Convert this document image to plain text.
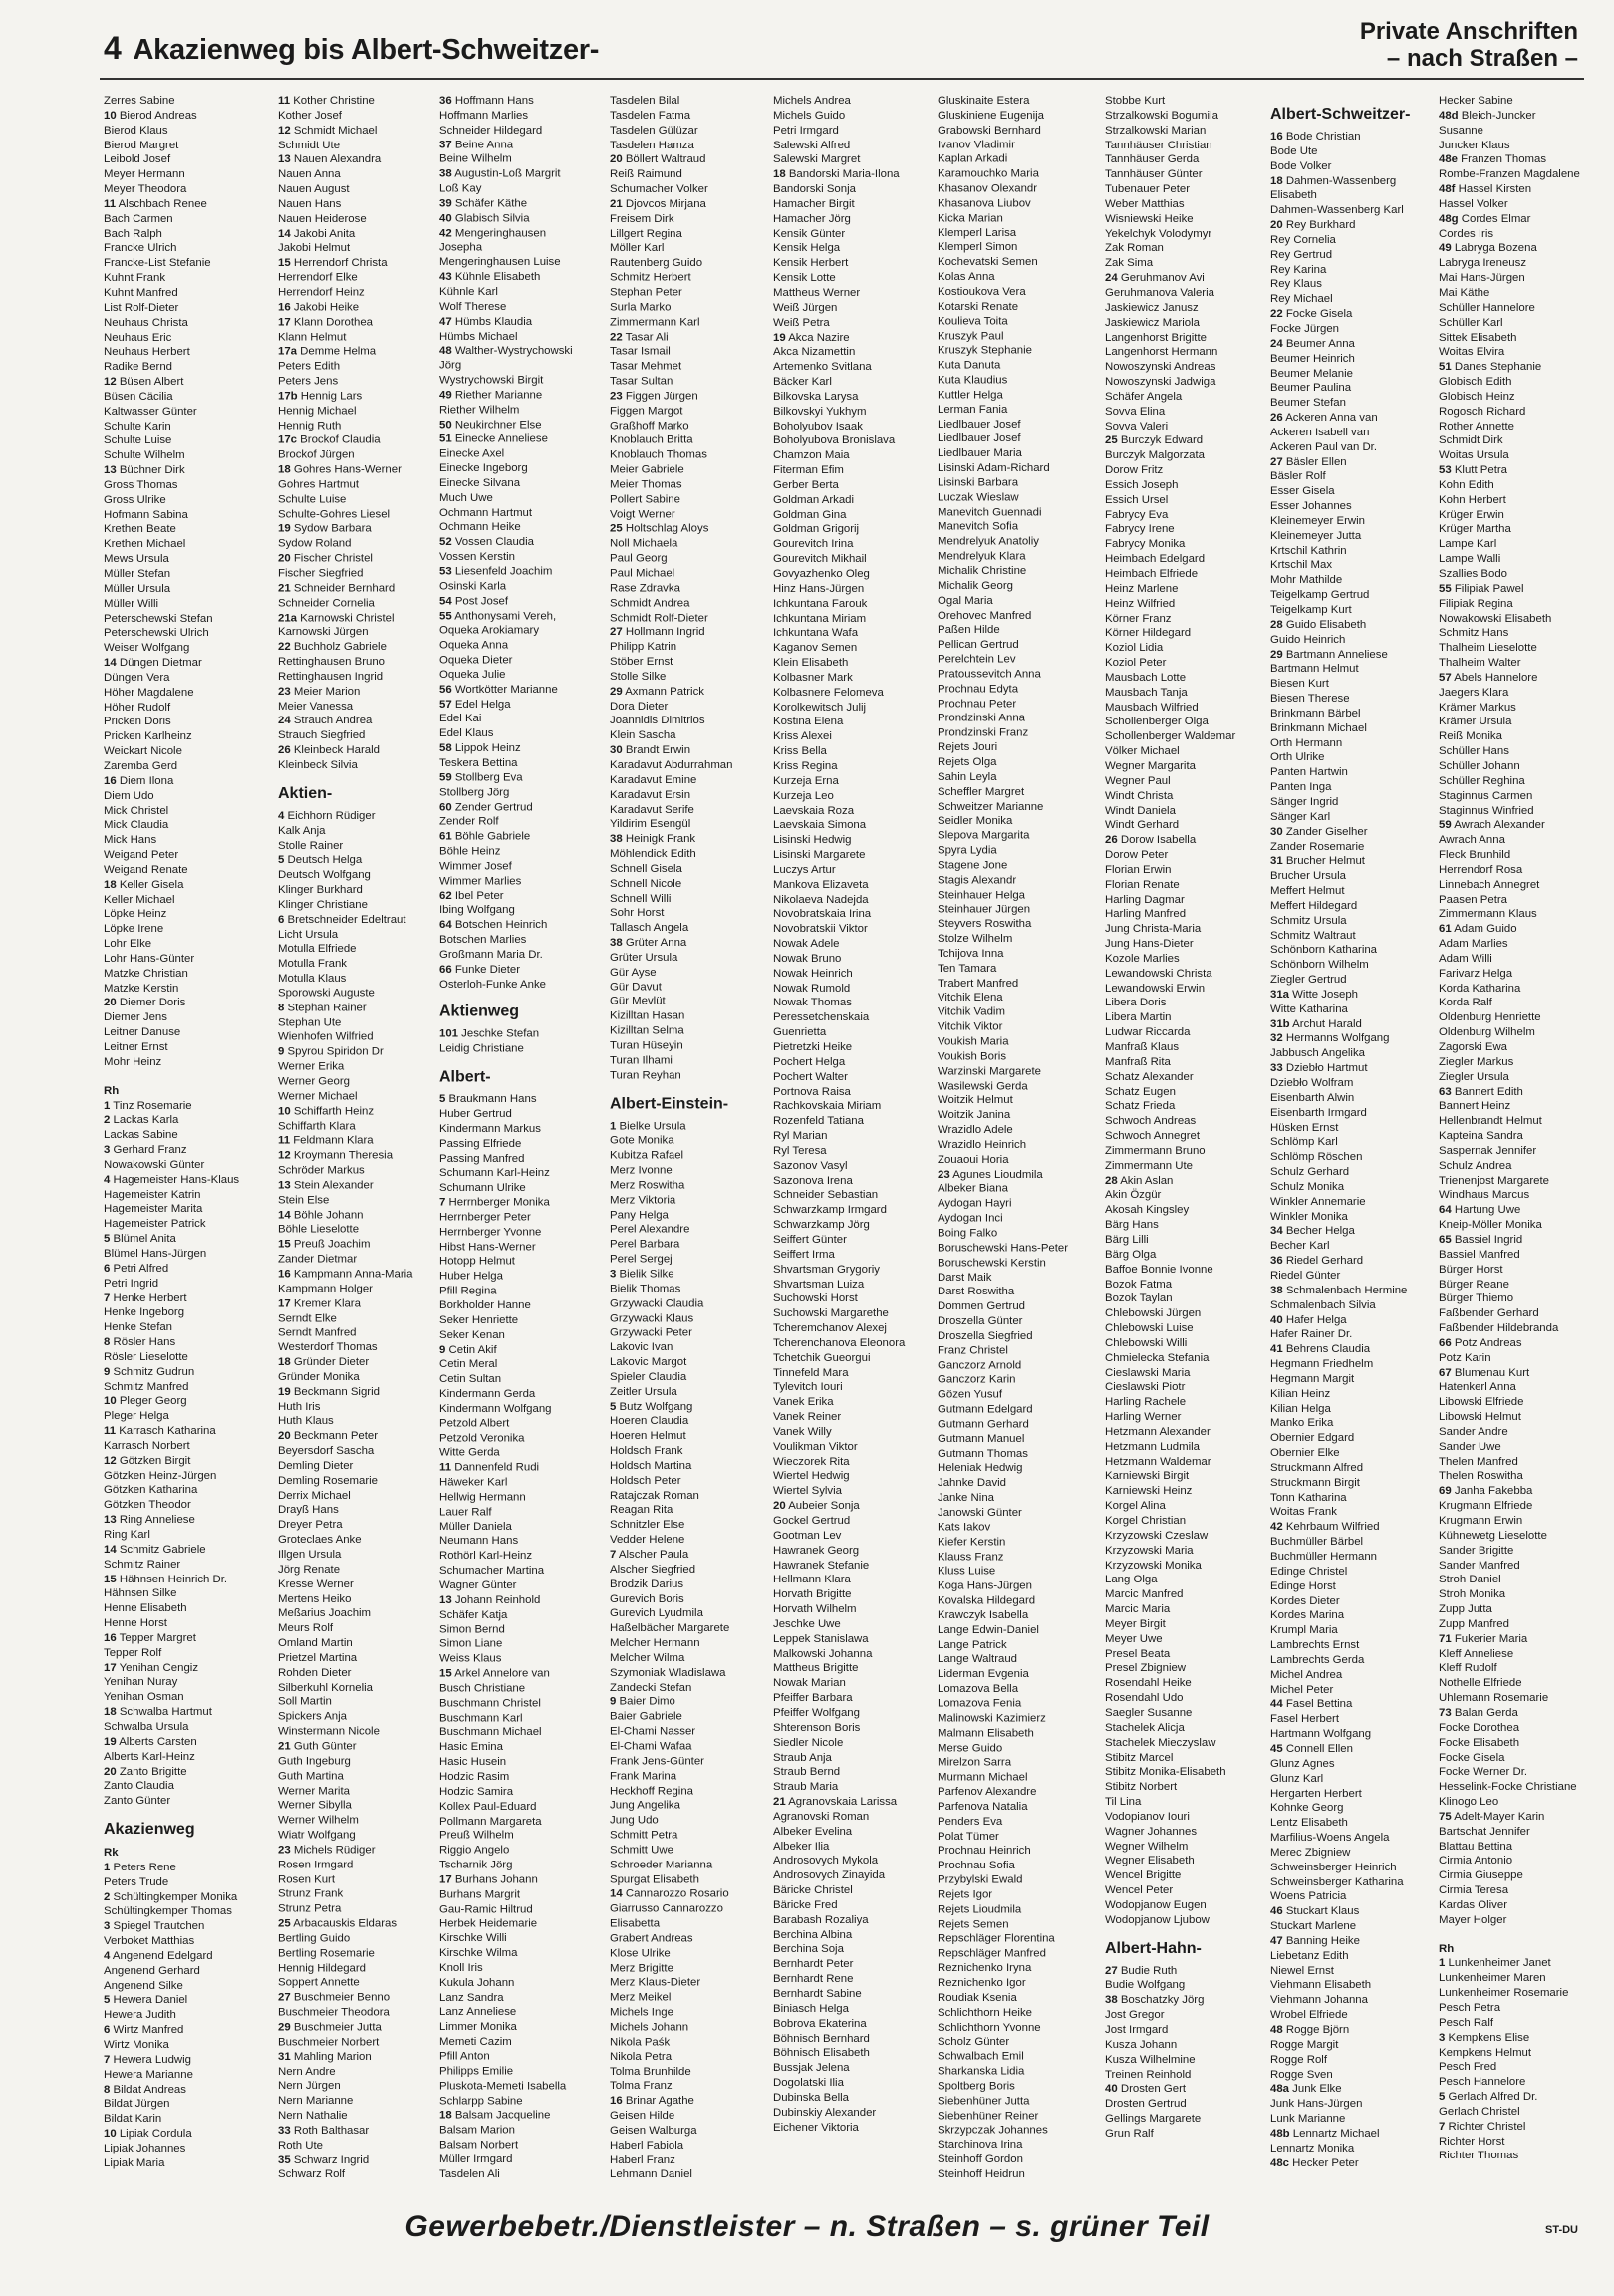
4 Akazienweg bis Albert-Schweitzer-
Private Anschriften
– nach Straßen –
Zerres Sabine
10 Bierod Andreas
Bierod Klaus
Bierod Margret
Leibold Josef
Meyer Hermann
Meyer Theodora
11 Alschbach Renee
Bach Carmen
Bach Ralph
Francke Ulrich
Francke-List Stefanie
Kuhnt Frank
Kuhnt Manfred
List Rolf-Dieter
Neuhaus Christa
Neuhaus Eric
Neuhaus Herbert
Radike Bernd
12 Büsen Albert
Büsen Cäcilia
Kaltwasser Günter
Schulte Karin
Schulte Luise
Schulte Wilhelm
13 Büchner Dirk
Gross Thomas
Gross Ulrike
Hofmann Sabina
Krethen Beate
Krethen Michael
Mews Ursula
Müller Stefan
Müller Ursula
Müller Willi
Peterschewski Stefan
Peterschewski Ulrich
Weiser Wolfgang
14 Düngen Dietmar
Düngen Vera
Höher Magdalene
Höher Rudolf
Pricken Doris
Pricken Karlheinz
Weickart Nicole
Zaremba Gerd
16 Diem Ilona
Diem Udo
Mick Christel
Mick Claudia
Mick Hans
Weigand Peter
Weigand Renate
18 Keller Gisela
Keller Michael
Löpke Heinz
Löpke Irene
Lohr Elke
Lohr Hans-Günter
Matzke Christian
Matzke Kerstin
20 Diemer Doris
Diemer Jens
Leitner Danuse
Leitner Ernst
Mohr Heinz
Rh
1 Tinz Rosemarie
2 Lackas Karla
Lackas Sabine
3 Gerhard Franz
Nowakowski Günter
4 Hagemeister Hans-Klaus
Hagemeister Katrin
Hagemeister Marita
Hagemeister Patrick
5 Blümel Anita
Blümel Hans-Jürgen
6 Petri Alfred
Petri Ingrid
7 Henke Herbert
Henke Ingeborg
Henke Stefan
8 Rösler Hans
Rösler Lieselotte
9 Schmitz Gudrun
Schmitz Manfred
10 Pleger Georg
Pleger Helga
11 Karrasch Katharina
Karrasch Norbert
12 Götzken Birgit
Götzken Heinz-Jürgen
Götzken Katharina
Götzken Theodor
13 Ring Anneliese
Ring Karl
14 Schmitz Gabriele
Schmitz Rainer
15 Hähnsen Heinrich Dr.
Hähnsen Silke
Henne Elisabeth
Henne Horst
16 Tepper Margret
Tepper Rolf
17 Yenihan Cengiz
Yenihan Nuray
Yenihan Osman
18 Schwalba Hartmut
Schwalba Ursula
19 Alberts Carsten
Alberts Karl-Heinz
20 Zanto Brigitte
Zanto Claudia
Zanto Günter
Akazienweg
Rk
1 Peters Rene
Peters Trude
2 Schültingkemper Monika
Schültingkemper Thomas
3 Spiegel Trautchen
Verboket Matthias
4 Angenend Edelgard
Angenend Gerhard
Angenend Silke
5 Hewera Daniel
Hewera Judith
6 Wirtz Manfred
Wirtz Monika
7 Hewera Ludwig
Hewera Marianne
8 Bildat Andreas
Bildat Jürgen
Bildat Karin
10 Lipiak Cordula
Lipiak Johannes
Lipiak Maria
11 Kother Christine
Kother Josef
12 Schmidt Michael
Schmidt Ute
13 Nauen Alexandra
Nauen Anna
Nauen August
Nauen Hans
Nauen Heiderose
14 Jakobi Anita
Jakobi Helmut
15 Herrendorf Christa
Herrendorf Elke
Herrendorf Heinz
16 Jakobi Heike
17 Klann Dorothea
Klann Helmut
17a Demme Helma
Peters Edith
Peters Jens
17b Hennig Lars
Hennig Michael
Hennig Ruth
17c Brockof Claudia
Brockof Jürgen
18 Gohres Hans-Werner
Gohres Hartmut
Schulte Luise
Schulte-Gohres Liesel
19 Sydow Barbara
Sydow Roland
20 Fischer Christel
Fischer Siegfried
21 Schneider Bernhard
Schneider Cornelia
21a Karnowski Christel
Karnowski Jürgen
22 Buchholz Gabriele
Rettinghausen Bruno
Rettinghausen Ingrid
23 Meier Marion
Meier Vanessa
24 Strauch Andrea
Strauch Siegfried
26 Kleinbeck Harald
Kleinbeck Silvia
Aktien-
4 Eichhorn Rüdiger
Kalk Anja
Stolle Rainer
5 Deutsch Helga
Deutsch Wolfgang
Klinger Burkhard
Klinger Christiane
6 Bretschneider Edeltraut
Licht Ursula
Motulla Elfriede
Motulla Frank
Motulla Klaus
Sporowski Auguste
8 Stephan Rainer
Stephan Ute
Wienhofen Wilfried
9 Spyrou Spiridon Dr
Werner Erika
Werner Georg
Werner Michael
10 Schiffarth Heinz
Schiffarth Klara
11 Feldmann Klara
12 Kroymann Theresia
Schröder Markus
13 Stein Alexander
Stein Else
14 Böhle Johann
Böhle Lieselotte
15 Preuß Joachim
Zander Dietmar
16 Kampmann Anna-Maria
Kampmann Holger
17 Kremer Klara
Serndt Elke
Serndt Manfred
Westerdorf Thomas
18 Gründer Dieter
Gründer Monika
19 Beckmann Sigrid
Huth Iris
Huth Klaus
20 Beckmann Peter
Beyersdorf Sascha
Demling Dieter
Demling Rosemarie
Derrix Michael
Drayß Hans
Dreyer Petra
Groteclaes Anke
Illgen Ursula
Jörg Renate
Kresse Werner
Mertens Heiko
Meßarius Joachim
Meurs Rolf
Omland Martin
Prietzel Martina
Rohden Dieter
Silberkuhl Kornelia
Soll Martin
Spickers Anja
Winstermann Nicole
21 Guth Günter
Guth Ingeburg
Guth Martina
Werner Marita
Werner Sibylla
Werner Wilhelm
Wiatr Wolfgang
23 Michels Rüdiger
Rosen Irmgard
Rosen Kurt
Strunz Frank
Strunz Petra
25 Arbacauskis Eldaras
Bertling Guido
Bertling Rosemarie
Hennig Hildegard
Soppert Annette
27 Buschmeier Benno
Buschmeier Theodora
29 Buschmeier Jutta
Buschmeier Norbert
31 Mahling Marion
Nern Andre
Nern Jürgen
Nern Marianne
Nern Nathalie
33 Roth Balthasar
Roth Ute
35 Schwarz Ingrid
Schwarz Rolf
36 Hoffmann Hans
Hoffmann Marlies
Schneider Hildegard
37 Beine Anna
Beine Wilhelm
38 Augustin-Loß Margrit
Loß Kay
39 Schäfer Käthe
40 Glabisch Silvia
42 Mengeringhausen
Josepha
Mengeringhausen Luise
43 Kühnle Elisabeth
Kühnle Karl
Wolf Therese
47 Hümbs Klaudia
Hümbs Michael
48 Walther-Wystrychowski
Jörg
Wystrychowski Birgit
49 Riether Marianne
Riether Wilhelm
50 Neukirchner Else
51 Einecke Anneliese
Einecke Axel
Einecke Ingeborg
Einecke Silvana
Much Uwe
Ochmann Hartmut
Ochmann Heike
52 Vossen Claudia
Vossen Kerstin
53 Liesenfeld Joachim
Osinski Karla
54 Post Josef
55 Anthonysami Vereh,
Oqueka Arokiamary
Oqueka Anna
Oqueka Dieter
Oqueka Julie
56 Wortkötter Marianne
57 Edel Helga
Edel Kai
Edel Klaus
58 Lippok Heinz
Teskera Bettina
59 Stollberg Eva
Stollberg Jörg
60 Zender Gertrud
Zender Rolf
61 Böhle Gabriele
Böhle Heinz
Wimmer Josef
Wimmer Marlies
62 Ibel Peter
Ibing Wolfgang
64 Botschen Heinrich
Botschen Marlies
Großmann Maria Dr.
66 Funke Dieter
Osterloh-Funke Anke
Aktienweg
101 Jeschke Stefan
Leidig Christiane
Albert-
5 Braukmann Hans
Huber Gertrud
Kindermann Markus
Passing Elfriede
Passing Manfred
Schumann Karl-Heinz
Schumann Ulrike
7 Herrnberger Monika
Herrnberger Peter
Herrnberger Yvonne
Hibst Hans-Werner
Hotopp Helmut
Huber Helga
Pfill Regina
Borkholder Hanne
Seker Henriette
Seker Kenan
9 Cetin Akif
Cetin Meral
Cetin Sultan
Kindermann Gerda
Kindermann Wolfgang
Petzold Albert
Petzold Veronika
Witte Gerda
11 Dannenfeld Rudi
Häweker Karl
Hellwig Hermann
Lauer Ralf
Müller Daniela
Neumann Hans
Rothörl Karl-Heinz
Schumacher Martina
Wagner Günter
13 Johann Reinhold
Schäfer Katja
Simon Bernd
Simon Liane
Weiss Klaus
15 Arkel Annelore van
Busch Christiane
Buschmann Christel
Buschmann Karl
Buschmann Michael
Hasic Emina
Hasic Husein
Hodzic Rasim
Hodzic Samira
Kollex Paul-Eduard
Pollmann Margareta
Preuß Wilhelm
Riggio Angelo
Tscharnik Jörg
17 Burhans Johann
Burhans Margrit
Gau-Ramic Hiltrud
Herbek Heidemarie
Kirschke Willi
Kirschke Wilma
Knoll Iris
Kukula Johann
Lanz Sandra
Lanz Anneliese
Limmer Monika
Memeti Cazim
Pfill Anton
Philipps Emilie
Pluskota-Memeti Isabella
Schlarpp Sabine
18 Balsam Jacqueline
Balsam Marion
Balsam Norbert
Müller Irmgard
Tasdelen Ali
Tasdelen Bilal
Tasdelen Fatma
Tasdelen Gülüzar
Tasdelen Hamza
20 Böllert Waltraud
Reiß Raimund
Schumacher Volker
21 Djovcos Mirjana
Freisem Dirk
Lillgert Regina
Möller Karl
Rautenberg Guido
Schmitz Herbert
Stephan Peter
Surla Marko
Zimmermann Karl
22 Tasar Ali
Tasar Ismail
Tasar Mehmet
Tasar Sultan
23 Figgen Jürgen
Figgen Margot
Graßhoff Marko
Knoblauch Britta
Knoblauch Thomas
Meier Gabriele
Meier Thomas
Pollert Sabine
Voigt Werner
25 Holtschlag Aloys
Noll Michaela
Paul Georg
Paul Michael
Rase Zdravka
Schmidt Andrea
Schmidt Rolf-Dieter
27 Hollmann Ingrid
Philipp Katrin
Stöber Ernst
Stolle Silke
29 Axmann Patrick
Dora Dieter
Joannidis Dimitrios
Klein Sascha
30 Brandt Erwin
Karadavut Abdurrahman
Karadavut Emine
Karadavut Ersin
Karadavut Serife
Yildirim Esengül
38 Heinigk Frank
Möhlendick Edith
Schnell Gisela
Schnell Nicole
Schnell Willi
Sohr Horst
Tallasch Angela
38 Grüter Anna
Grüter Ursula
Gür Ayse
Gür Davut
Gür Mevlüt
Kizilltan Hasan
Kizilltan Selma
Turan Hüseyin
Turan Ilhami
Turan Reyhan
Albert-Einstein-
1 Bielke Ursula
Gote Monika
Kubitza Rafael
Merz Ivonne
Merz Roswitha
Merz Viktoria
Pany Helga
Perel Alexandre
Perel Barbara
Perel Sergej
3 Bielik Silke
Bielik Thomas
Grzywacki Claudia
Grzywacki Klaus
Grzywacki Peter
Lakovic Ivan
Lakovic Margot
Spieler Claudia
Zeitler Ursula
5 Butz Wolfgang
Hoeren Claudia
Hoeren Helmut
Holdsch Frank
Holdsch Martina
Holdsch Peter
Ratajczak Roman
Reagan Rita
Schnitzler Else
Vedder Helene
7 Alscher Paula
Alscher Siegfried
Brodzik Darius
Gurevich Boris
Gurevich Lyudmila
Haßelbächer Margarete
Melcher Hermann
Melcher Wilma
Szymoniak Wladislawa
Zandecki Stefan
9 Baier Dimo
Baier Gabriele
El-Chami Nasser
El-Chami Wafaa
Frank Jens-Günter
Frank Marina
Heckhoff Regina
Jung Angelika
Jung Udo
Schmitt Petra
Schmitt Uwe
Schroeder Marianna
Spurgat Elisabeth
14 Cannarozzo Rosario
Giarrusso Cannarozzo
Elisabetta
Grabert Andreas
Klose Ulrike
Merz Brigitte
Merz Klaus-Dieter
Merz Meikel
Michels Inge
Michels Johann
Nikola Paśk
Nikola Petra
Tolma Brunhilde
Tolma Franz
16 Brinar Agathe
Geisen Hilde
Geisen Walburga
Haberl Fabiola
Haberl Franz
Lehmann Daniel
Michels Andrea
Michels Guido
Petri Irmgard
Salewski Alfred
Salewski Margret
18 Bandorski Maria-Ilona
Bandorski Sonja
Hamacher Birgit
Hamacher Jörg
Kensik Günter
Kensik Helga
Kensik Herbert
Kensik Lotte
Mattheus Werner
Weiß Jürgen
Weiß Petra
19 Akca Nazire
Akca Nizamettin
Artemenko Svitlana
Bäcker Karl
Bilkovska Larysa
Bilkovskyi Yukhym
Boholyubov Isaak
Boholyubova Bronislava
Chamzon Maia
Fiterman Efim
Gerber Berta
Goldman Arkadi
Goldman Gina
Goldman Grigorij
Gourevitch Irina
Gourevitch Mikhail
Govyazhenko Oleg
Hinz Hans-Jürgen
Ichkuntana Farouk
Ichkuntana Miriam
Ichkuntana Wafa
Kaganov Semen
Klein Elisabeth
Kolbasner Mark
Kolbasnere Felomeva
Korolkewitsch Julij
Kostina Elena
Kriss Alexei
Kriss Bella
Kriss Regina
Kurzeja Erna
Kurzeja Leo
Laevskaia Roza
Laevskaia Simona
Lisinski Hedwig
Lisinski Margarete
Luczys Artur
Mankova Elizaveta
Nikolaeva Nadejda
Novobratskaia Irina
Novobratskii Viktor
Nowak Adele
Nowak Bruno
Nowak Heinrich
Nowak Rumold
Nowak Thomas
Peressetchenskaia
Guenrietta
Pietretzki Heike
Pochert Helga
Pochert Walter
Portnova Raisa
Rachkovskaia Miriam
Rozenfeld Tatiana
Ryl Marian
Ryl Teresa
Sazonov Vasyl
Sazonova Irena
Schneider Sebastian
Schwarzkamp Irmgard
Schwarzkamp Jörg
Seiffert Günter
Seiffert Irma
Shvartsman Grygoriy
Shvartsman Luiza
Suchowski Horst
Suchowski Margarethe
Tcheremchanov Alexej
Tcherenchanova Eleonora
Tchetchik Gueorgui
Tinnefeld Mara
Tylevitch Iouri
Vanek Erika
Vanek Reiner
Vanek Willy
Voulikman Viktor
Wieczorek Rita
Wiertel Hedwig
Wiertel Sylvia
20 Aubeier Sonja
Gockel Gertrud
Gootman Lev
Hawranek Georg
Hawranek Stefanie
Hellmann Klara
Horvath Brigitte
Horvath Wilhelm
Jeschke Uwe
Leppek Stanislawa
Malkowski Johanna
Mattheus Brigitte
Nowak Marian
Pfeiffer Barbara
Pfeiffer Wolfgang
Shterenson Boris
Siedler Nicole
Straub Anja
Straub Bernd
Straub Maria
21 Agranovskaia Larissa
Agranovski Roman
Albeker Evelina
Albeker Ilia
Androsovych Mykola
Androsovych Zinayida
Bäricke Christel
Bäricke Fred
Barabash Rozaliya
Berchina Albina
Berchina Soja
Bernhardt Peter
Bernhardt Rene
Bernhardt Sabine
Biniasch Helga
Bobrova Ekaterina
Böhnisch Bernhard
Böhnisch Elisabeth
Bussjak Jelena
Dogolatski Ilia
Dubinska Bella
Dubinskiy Alexander
Eichener Viktoria
Gluskinaite Estera
Gluskiniene Eugenija
Grabowski Bernhard
Ivanov Vladimir
Kaplan Arkadi
Karamouchko Maria
Khasanov Olexandr
Khasanova Liubov
Kicka Marian
Klemperl Larisa
Klemperl Simon
Kochevatski Semen
Kolas Anna
Kostioukova Vera
Kotarski Renate
Koulieva Toita
Kruszyk Paul
Kruszyk Stephanie
Kuta Danuta
Kuta Klaudius
Kuttler Helga
Lerman Fania
Liedlbauer Josef
Liedlbauer Josef
Liedlbauer Maria
Lisinski Adam-Richard
Lisinski Barbara
Luczak Wieslaw
Manevitch Guennadi
Manevitch Sofia
Mendrelyuk Anatoliy
Mendrelyuk Klara
Michalik Christine
Michalik Georg
Ogal Maria
Orehovec Manfred
Paßen Hilde
Pellican Gertrud
Perelchtein Lev
Pratoussevitch Anna
Prochnau Edyta
Prochnau Peter
Prondzinski Anna
Prondzinski Franz
Rejets Jouri
Rejets Olga
Sahin Leyla
Scheffler Margret
Schweitzer Marianne
Seidler Monika
Slepova Margarita
Spyra Lydia
Stagene Jone
Stagis Alexandr
Steinhauer Helga
Steinhauer Jürgen
Steyvers Roswitha
Stolze Wilhelm
Tchijova Inna
Ten Tamara
Trabert Manfred
Vitchik Elena
Vitchik Vadim
Vitchik Viktor
Voukish Maria
Voukish Boris
Warzinski Margarete
Wasilewski Gerda
Woitzik Helmut
Woitzik Janina
Wrazidlo Adele
Wrazidlo Heinrich
Zouaoui Horia
23 Agunes Lioudmila
Albeker Biana
Aydogan Hayri
Aydogan Inci
Boing Falko
Boruschewski Hans-Peter
Boruschewski Kerstin
Darst Maik
Darst Roswitha
Dommen Gertrud
Droszella Günter
Droszella Siegfried
Franz Christel
Ganczorz Arnold
Ganczorz Karin
Gözen Yusuf
Gutmann Edelgard
Gutmann Gerhard
Gutmann Manuel
Gutmann Thomas
Heleniak Hedwig
Jahnke David
Janke Nina
Janowski Günter
Kats Iakov
Kiefer Kerstin
Klauss Franz
Kluss Luise
Koga Hans-Jürgen
Kovalska Hildegard
Krawczyk Isabella
Lange Edwin-Daniel
Lange Patrick
Lange Waltraud
Liderman Evgenia
Lomazova Bella
Lomazova Fenia
Malinowski Kazimierz
Malmann Elisabeth
Merse Guido
Mirelzon Sarra
Murmann Michael
Parfenov Alexandre
Parfenova Natalia
Penders Eva
Polat Tümer
Prochnau Heinrich
Prochnau Sofia
Przybylski Ewald
Rejets Igor
Rejets Lioudmila
Rejets Semen
Repschläger Florentina
Repschläger Manfred
Reznichenko Iryna
Reznichenko Igor
Roudiak Ksenia
Schlichthorn Heike
Schlichthorn Yvonne
Scholz Günter
Schwalbach Emil
Sharkanska Lidia
Spoltberg Boris
Siebenhüner Jutta
Siebenhüner Reiner
Skrzypczak Johannes
Starchinova Irina
Steinhoff Gordon
Steinhoff Heidrun
Stobbe Kurt
Strzalkowski Bogumila
Strzalkowski Marian
Tannhäuser Christian
Tannhäuser Gerda
Tannhäuser Günter
Tubenauer Peter
Weber Matthias
Wisniewski Heike
Yekelchyk Volodymyr
Zak Roman
Zak Sima
24 Geruhmanov Avi
Geruhmanova Valeria
Jaskiewicz Janusz
Jaskiewicz Mariola
Langenhorst Brigitte
Langenhorst Hermann
Nowoszynski Andreas
Nowoszynski Jadwiga
Schäfer Angela
Sovva Elina
Sovva Valeri
25 Burczyk Edward
Burczyk Malgorzata
Dorow Fritz
Essich Joseph
Essich Ursel
Fabrycy Eva
Fabrycy Irene
Fabrycy Monika
Heimbach Edelgard
Heimbach Elfriede
Heinz Marlene
Heinz Wilfried
Körner Franz
Körner Hildegard
Koziol Lidia
Koziol Peter
Mausbach Lotte
Mausbach Tanja
Mausbach Wilfried
Schollenberger Olga
Schollenberger Waldemar
Völker Michael
Wegner Margarita
Wegner Paul
Windt Christa
Windt Daniela
Windt Gerhard
26 Dorow Isabella
Dorow Peter
Florian Erwin
Florian Renate
Harling Dagmar
Harling Manfred
Jung Christa-Maria
Jung Hans-Dieter
Kozole Marlies
Lewandowski Christa
Lewandowski Erwin
Libera Doris
Libera Martin
Ludwar Riccarda
Manfraß Klaus
Manfraß Rita
Schatz Alexander
Schatz Eugen
Schatz Frieda
Schwoch Andreas
Schwoch Annegret
Zimmermann Bruno
Zimmermann Ute
28 Akin Aslan
Akin Özgür
Akosah Kingsley
Bärg Hans
Bärg Lilli
Bärg Olga
Baffoe Bonnie Ivonne
Bozok Fatma
Bozok Taylan
Chlebowski Jürgen
Chlebowski Luise
Chlebowski Willi
Chmielecka Stefania
Cieslawski Maria
Cieslawski Piotr
Harling Rachele
Harling Werner
Hetzmann Alexander
Hetzmann Ludmila
Hetzmann Waldemar
Karniewski Birgit
Karniewski Heinz
Korgel Alina
Korgel Christian
Krzyzowski Czeslaw
Krzyzowski Maria
Krzyzowski Monika
Lang Olga
Marcic Manfred
Marcic Maria
Meyer Birgit
Meyer Uwe
Presel Beata
Presel Zbigniew
Rosendahl Heike
Rosendahl Udo
Saegler Susanne
Stachelek Alicja
Stachelek Mieczyslaw
Stibitz Marcel
Stibitz Monika-Elisabeth
Stibitz Norbert
Til Lina
Vodopianov Iouri
Wagner Johannes
Wegner Wilhelm
Wegner Elisabeth
Wencel Brigitte
Wencel Peter
Wodopjanow Eugen
Wodopjanow Ljubow
Albert-Hahn-
27 Budie Ruth
Budie Wolfgang
38 Boschatzky Jörg
Jost Gregor
Jost Irmgard
Kusza Johann
Kusza Wilhelmine
Treinen Reinhold
40 Drosten Gert
Drosten Gertrud
Gellings Margarete
Grun Ralf
Albert-Schweitzer-
16 Bode Christian
Bode Ute
Bode Volker
18 Dahmen-Wassenberg
Elisabeth
Dahmen-Wassenberg Karl
20 Rey Burkhard
Rey Cornelia
Rey Gertrud
Rey Karina
Rey Klaus
Rey Michael
22 Focke Gisela
Focke Jürgen
24 Beumer Anna
Beumer Heinrich
Beumer Melanie
Beumer Paulina
Beumer Stefan
26 Ackeren Anna van
Ackeren Isabell van
Ackeren Paul van Dr.
27 Bäsler Ellen
Bäsler Rolf
Esser Gisela
Esser Johannes
Kleinemeyer Erwin
Kleinemeyer Jutta
Krtschil Kathrin
Krtschil Max
Mohr Mathilde
Teigelkamp Gertrud
Teigelkamp Kurt
28 Guido Elisabeth
Guido Heinrich
29 Bartmann Anneliese
Bartmann Helmut
Biesen Kurt
Biesen Therese
Brinkmann Bärbel
Brinkmann Michael
Orth Hermann
Orth Ulrike
Panten Hartwin
Panten Inga
Sänger Ingrid
Sänger Karl
30 Zander Giselher
Zander Rosemarie
31 Brucher Helmut
Brucher Ursula
Meffert Helmut
Meffert Hildegard
Schmitz Ursula
Schmitz Waltraut
Schönborn Katharina
Schönborn Wilhelm
Ziegler Gertrud
31a Witte Joseph
Witte Katharina
31b Archut Harald
32 Hermanns Wolfgang
Jabbusch Angelika
33 Dziebło Hartmut
Dziebło Wolfram
Eisenbarth Alwin
Eisenbarth Irmgard
Hüsken Ernst
Schlömp Karl
Schlömp Röschen
Schulz Gerhard
Schulz Monika
Winkler Annemarie
Winkler Monika
34 Becher Helga
Becher Karl
36 Riedel Gerhard
Riedel Günter
38 Schmalenbach Hermine
Schmalenbach Silvia
40 Hafer Helga
Hafer Rainer Dr.
41 Behrens Claudia
Hegmann Friedhelm
Hegmann Margit
Kilian Heinz
Kilian Helga
Manko Erika
Obernier Edgard
Obernier Elke
Struckmann Alfred
Struckmann Birgit
Tonn Katharina
Woitas Frank
42 Kehrbaum Wilfried
Buchmüller Bärbel
Buchmüller Hermann
Edinge Christel
Edinge Horst
Kordes Dieter
Kordes Marina
Krumpl Maria
Lambrechts Ernst
Lambrechts Gerda
Michel Andrea
Michel Peter
44 Fasel Bettina
Fasel Herbert
Hartmann Wolfgang
45 Connell Ellen
Glunz Agnes
Glunz Karl
Hergarten Herbert
Kohnke Georg
Lentz Elisabeth
Marfilius-Woens Angela
Merec Zbigniew
Schweinsberger Heinrich
Schweinsberger Katharina
Woens Patricia
46 Stuckart Klaus
Stuckart Marlene
47 Banning Heike
Liebetanz Edith
Niewel Ernst
Viehmann Elisabeth
Viehmann Johanna
Wrobel Elfriede
48 Rogge Björn
Rogge Margit
Rogge Rolf
Rogge Sven
48a Junk Elke
Junk Hans-Jürgen
Lunk Marianne
48b Lennartz Michael
Lennartz Monika
48c Hecker Peter
Hecker Sabine
48d Bleich-Juncker
Susanne
Juncker Klaus
48e Franzen Thomas
Rombe-Franzen Magdalene
48f Hassel Kirsten
Hassel Volker
48g Cordes Elmar
Cordes Iris
49 Labryga Bozena
Labryga Ireneusz
Mai Hans-Jürgen
Mai Käthe
Schüller Hannelore
Schüller Karl
Sittek Elisabeth
Woitas Elvira
51 Danes Stephanie
Globisch Edith
Globisch Heinz
Rogosch Richard
Rother Annette
Schmidt Dirk
Woitas Ursula
53 Klutt Petra
Kohn Edith
Kohn Herbert
Krüger Erwin
Krüger Martha
Lampe Karl
Lampe Walli
Szallies Bodo
55 Filipiak Pawel
Filipiak Regina
Nowakowski Elisabeth
Schmitz Hans
Thalheim Lieselotte
Thalheim Walter
57 Abels Hannelore
Jaegers Klara
Krämer Markus
Krämer Ursula
Reiß Monika
Schüller Hans
Schüller Johann
Schüller Reghina
Staginnus Carmen
Staginnus Winfried
59 Awrach Alexander
Awrach Anna
Fleck Brunhild
Herrendorf Rosa
Linnebach Annegret
Paasen Petra
Zimmermann Klaus
61 Adam Guido
Adam Marlies
Adam Willi
Farivarz Helga
Korda Katharina
Korda Ralf
Oldenburg Henriette
Oldenburg Wilhelm
Zagorski Ewa
Ziegler Markus
Ziegler Ursula
63 Bannert Edith
Bannert Heinz
Hellenbrandt Helmut
Kapteina Sandra
Saspernak Jennifer
Schulz Andrea
Trienenjost Margarete
Windhaus Marcus
64 Hartung Uwe
Kneip-Möller Monika
65 Bassiel Ingrid
Bassiel Manfred
Bürger Horst
Bürger Reane
Bürger Thiemo
Faßbender Gerhard
Faßbender Hildebranda
66 Potz Andreas
Potz Karin
67 Blumenau Kurt
Hatenkerl Anna
Libowski Elfriede
Libowski Helmut
Sander Andre
Sander Uwe
Thelen Manfred
Thelen Roswitha
69 Janha Fakebba
Krugmann Elfriede
Krugmann Erwin
Kühnewetg Lieselotte
Sander Brigitte
Sander Manfred
Stroh Daniel
Stroh Monika
Zupp Jutta
Zupp Manfred
71 Fukerier Maria
Kleff Anneliese
Kleff Rudolf
Nothelle Elfriede
Uhlemann Rosemarie
73 Balan Gerda
Focke Dorothea
Focke Elisabeth
Focke Gisela
Focke Werner Dr.
Hesselink-Focke Christiane
Klinogo Leo
75 Adelt-Mayer Karin
Bartschat Jennifer
Blattau Bettina
Cirmia Antonio
Cirmia Giuseppe
Cirmia Teresa
Kardas Oliver
Mayer Holger
Rh
1 Lunkenheimer Janet
Lunkenheimer Maren
Lunkenheimer Rosemarie
Pesch Petra
Pesch Ralf
3 Kempkens Elise
Kempkens Helmut
Pesch Fred
Pesch Hannelore
5 Gerlach Alfred Dr.
Gerlach Christel
7 Richter Christel
Richter Horst
Richter Thomas
Gewerbebetr./Dienstleister – n. Straßen – s. grüner Teil	ST-DU
